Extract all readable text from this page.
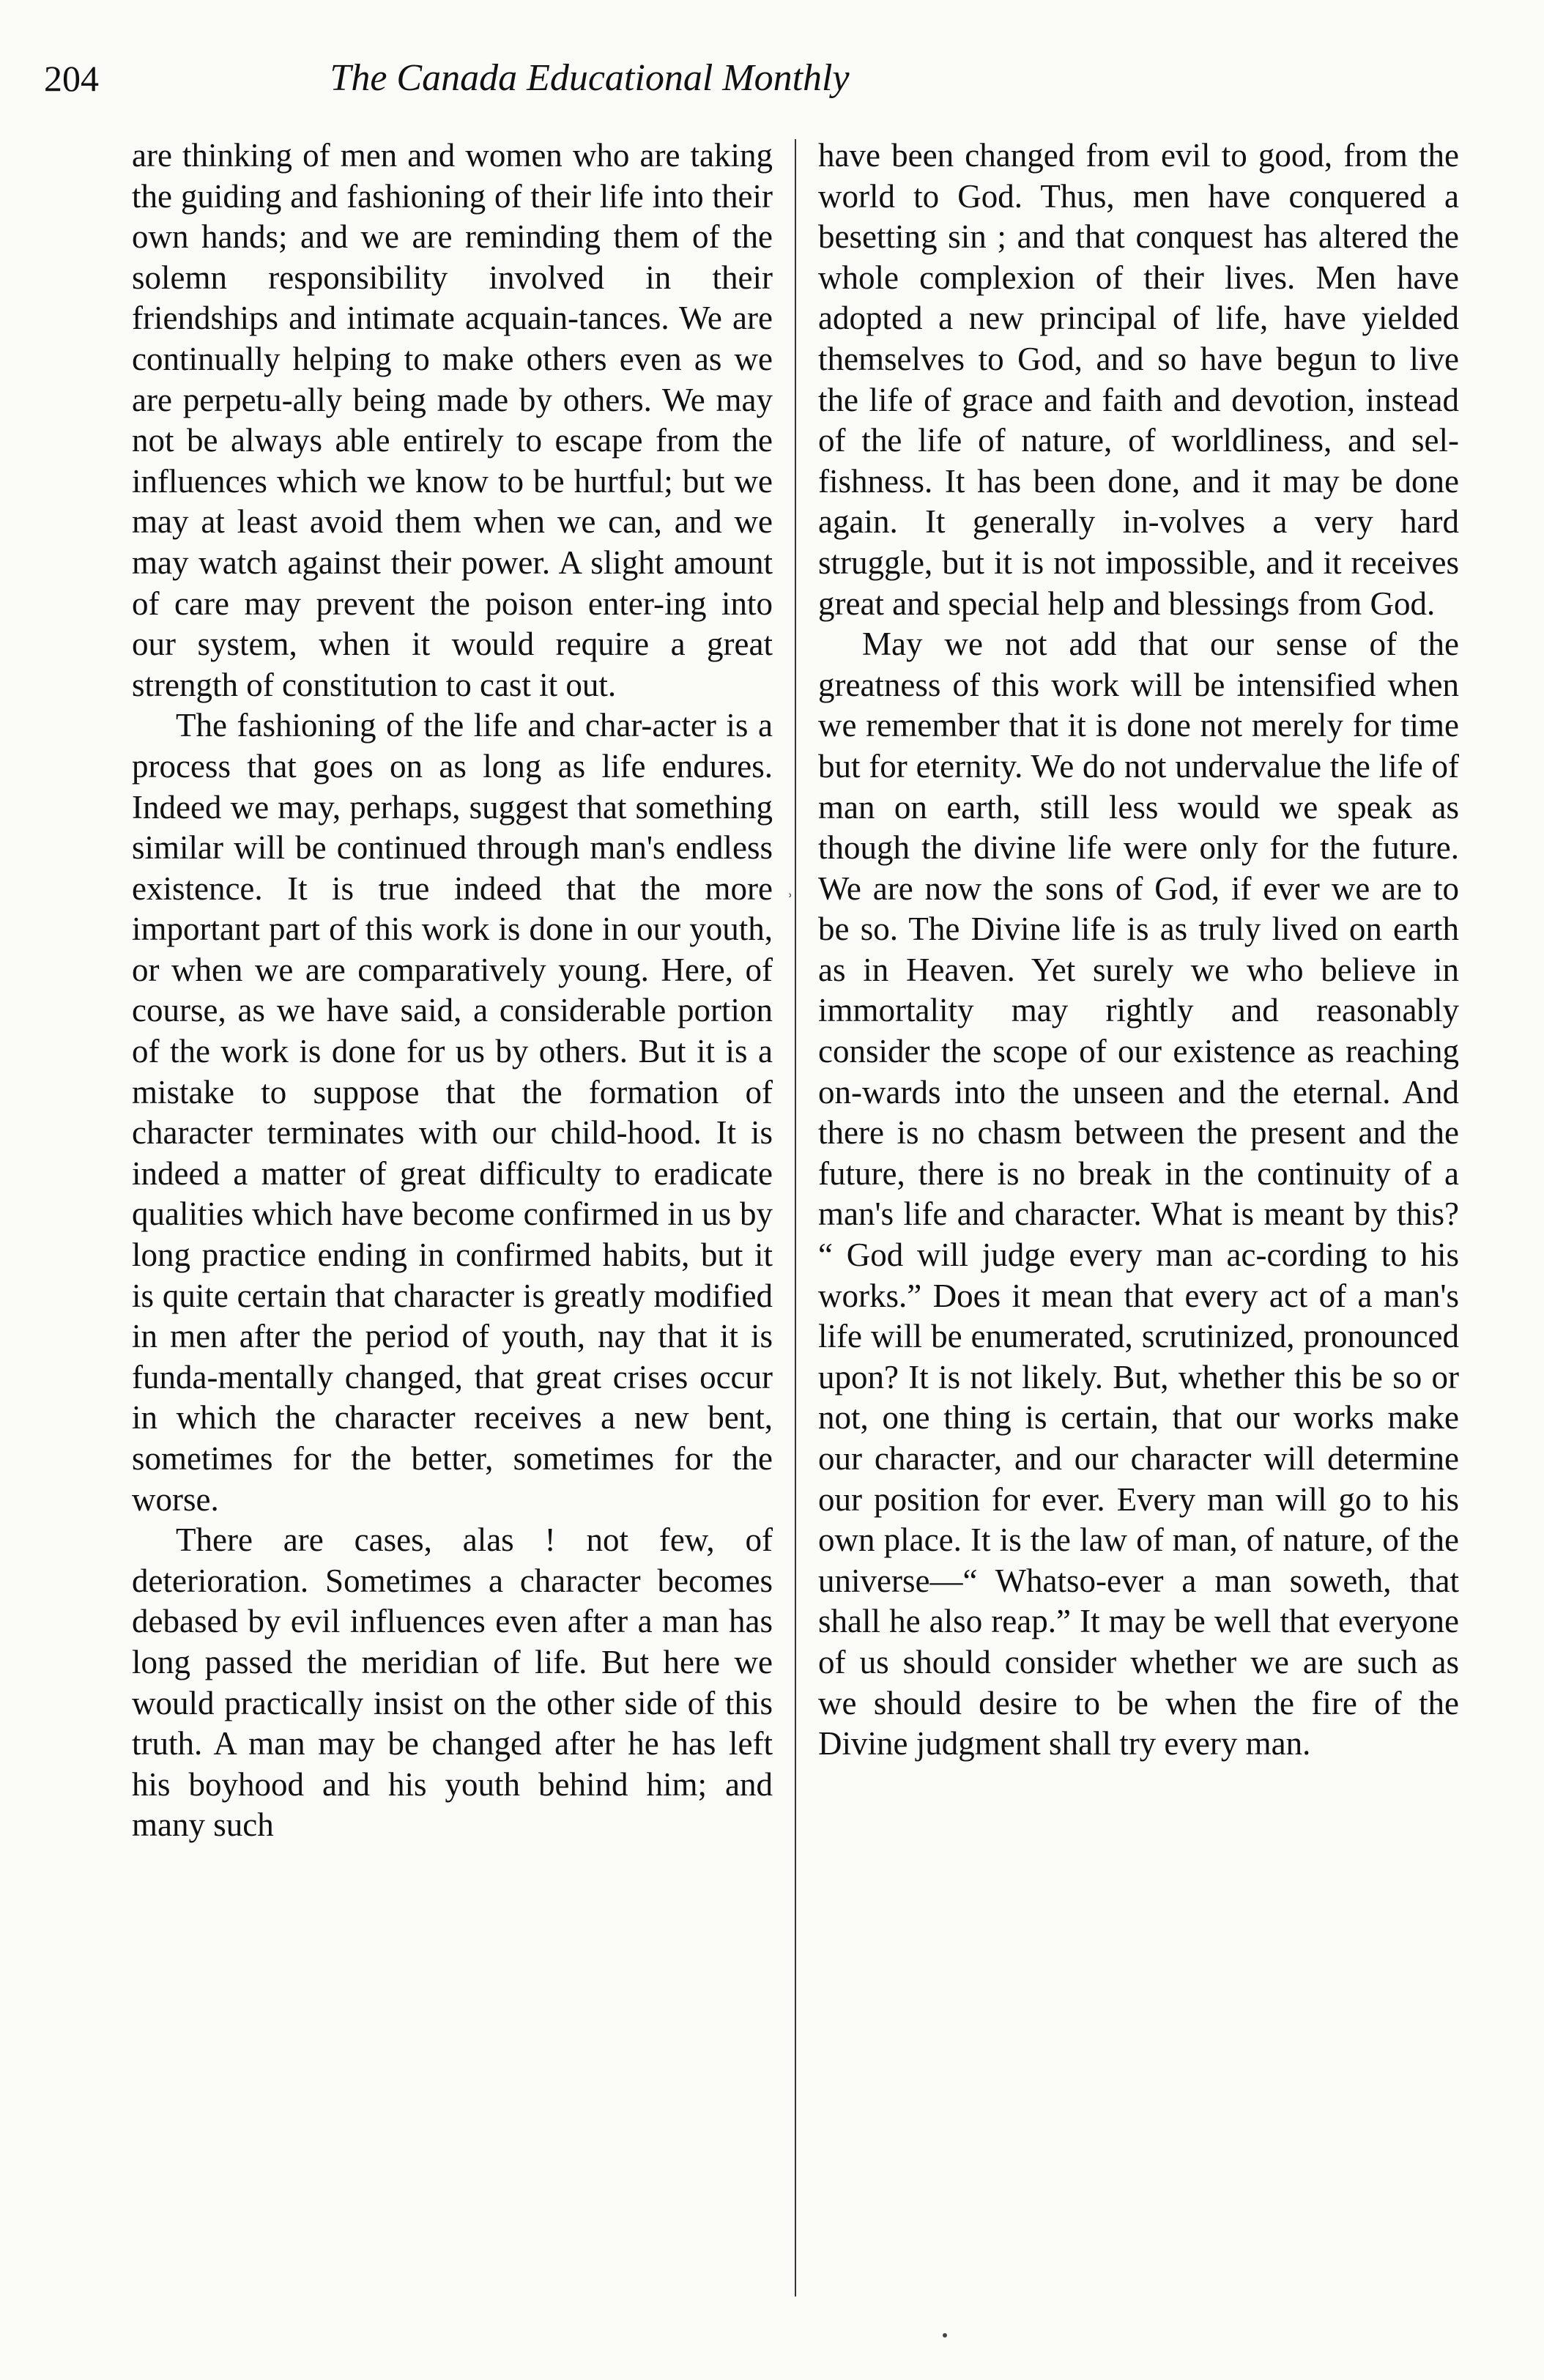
204	The Canada Educational Monthly

are thinking of men and women who are taking the guiding and fashioning of their life into their own hands; and we are reminding them of the solemn responsibility involved in their friendships and intimate acquain-tances. We are continually helping to make others even as we are perpetu-ally being made by others. We may not be always able entirely to escape from the influences which we know to be hurtful; but we may at least avoid them when we can, and we may watch against their power. A slight amount of care may prevent the poison enter-ing into our system, when it would require a great strength of constitution to cast it out.

The fashioning of the life and char-acter is a process that goes on as long as life endures. Indeed we may, perhaps, suggest that something similar will be continued through man's endless existence. It is true indeed that the more important part of this work is done in our youth, or when we are comparatively young. Here, of course, as we have said, a considerable portion of the work is done for us by others. But it is a mistake to suppose that the formation of character terminates with our child-hood. It is indeed a matter of great difficulty to eradicate qualities which have become confirmed in us by long practice ending in confirmed habits, but it is quite certain that character is greatly modified in men after the period of youth, nay that it is funda-mentally changed, that great crises occur in which the character receives a new bent, sometimes for the better, sometimes for the worse.

There are cases, alas ! not few, of deterioration. Sometimes a character becomes debased by evil influences even after a man has long passed the meridian of life. But here we would practically insist on the other side of this truth. A man may be changed after he has left his boyhood and his youth behind him; and many such

ʾ

have been changed from evil to good, from the world to God. Thus, men have conquered a besetting sin ; and that conquest has altered the whole complexion of their lives. Men have adopted a new principal of life, have yielded themselves to God, and so have begun to live the life of grace and faith and devotion, instead of the life of nature, of worldliness, and sel-fishness. It has been done, and it may be done again. It generally in-volves a very hard struggle, but it is not impossible, and it receives great and special help and blessings from God.

May we not add that our sense of the greatness of this work will be intensified when we remember that it is done not merely for time but for eternity. We do not undervalue the life of man on earth, still less would we speak as though the divine life were only for the future. We are now the sons of God, if ever we are to be so. The Divine life is as truly lived on earth as in Heaven. Yet surely we who believe in immortality may rightly and reasonably consider the scope of our existence as reaching on-wards into the unseen and the eternal. And there is no chasm between the present and the future, there is no break in the continuity of a man's life and character. What is meant by this? “ God will judge every man ac-cording to his works.” Does it mean that every act of a man's life will be enumerated, scrutinized, pronounced upon? It is not likely. But, whether this be so or not, one thing is certain, that our works make our character, and our character will determine our position for ever. Every man will go to his own place. It is the law of man, of nature, of the universe—“ Whatso-ever a man soweth, that shall he also reap.” It may be well that everyone of us should consider whether we are such as we should desire to be when the fire of the Divine judgment shall try every man.
